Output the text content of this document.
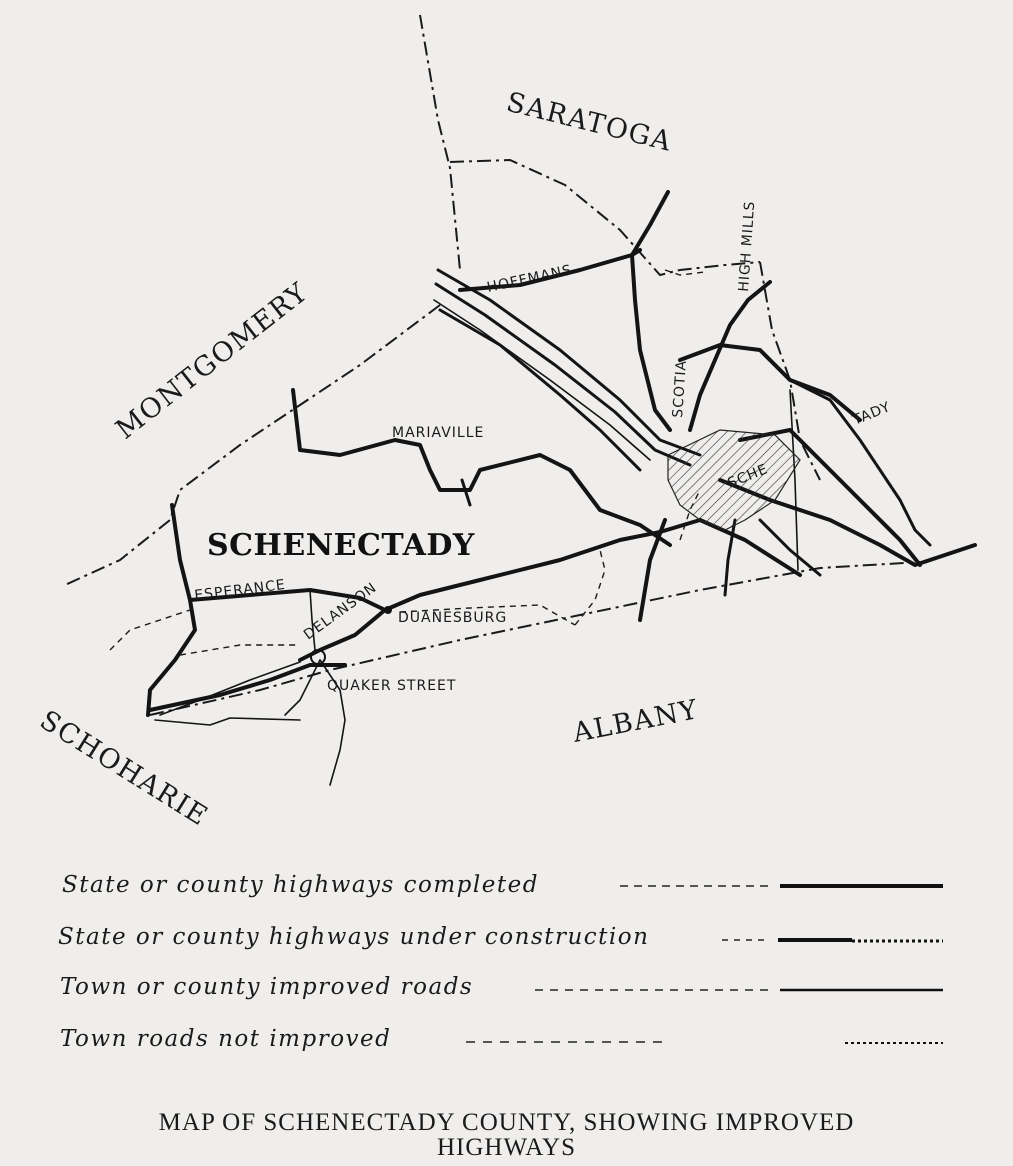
SARATOGA
MONTGOMERY
SCHOHARIE	ALBANY
SCHENECTADY
HOFFMANS	HIGH MILLS
SCOTIA
SCHE
TADY
MARIAVILLE
ESPERANCE DELANSON DUANESBURG
QUAKER STREET
State or county highways completed
State or county highways under construction
Town or county improved roads
Town roads not improved
MAP OF SCHENECTADY COUNTY, SHOWING IMPROVED
HIGHWAYS
